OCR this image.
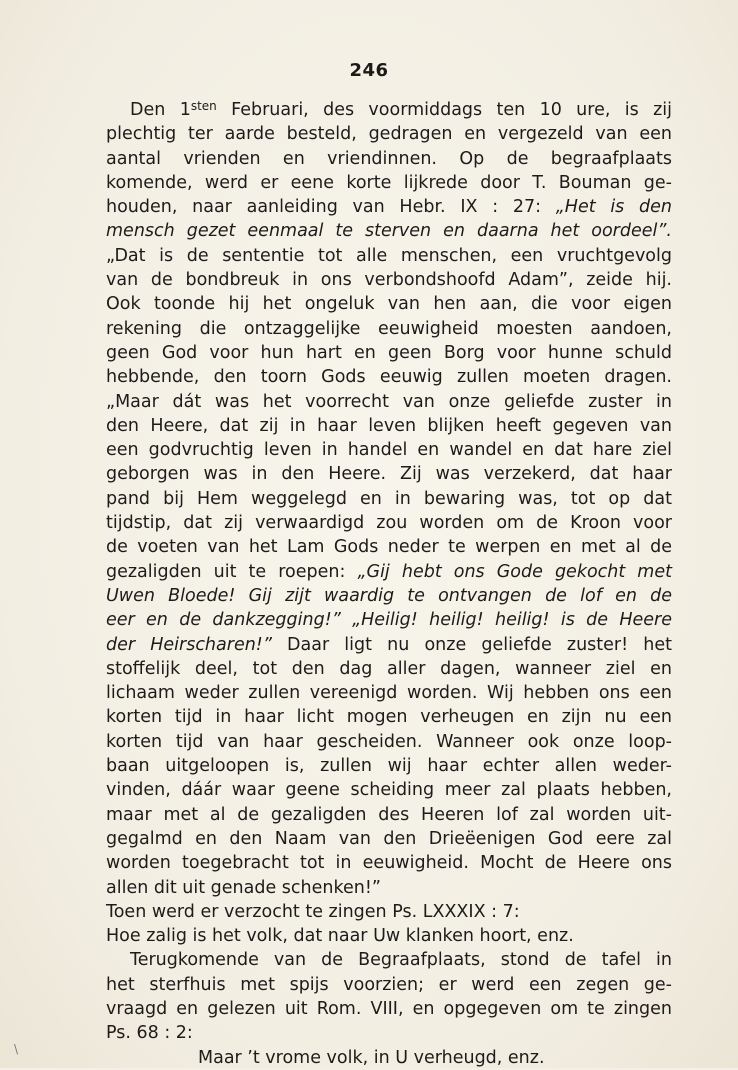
246
Den $1^{sten}$ Februari, des voormiddags ten 10 ure, is zij
plechtig ter aarde besteld, gedragen en vergezeld van een
aantal vrienden en vriendinnen. Op de begraafplaats
komende, werd er eene korte lijkrede door T. Bouman ge-
houden, naar aanleiding van Hebr. IX : 27: „Het is den
mensch gezet eenmaal te sterven en daarna het oordeel”.
„Dat is de sententie tot alle menschen, een vruchtgevolg
van de bondbreuk in ons verbondshoofd Adam”, zeide hij.
Ook toonde hij het ongeluk van hen aan, die voor eigen
rekening die ontzaggelijke eeuwigheid moesten aandoen,
geen God voor hun hart en geen Borg voor hunne schuld
hebbende, den toorn Gods eeuwig zullen moeten dragen.
„Maar dát was het voorrecht van onze geliefde zuster in
den Heere, dat zij in haar leven blijken heeft gegeven van
een godvruchtig leven in handel en wandel en dat hare ziel
geborgen was in den Heere. Zij was verzekerd, dat haar
pand bij Hem weggelegd en in bewaring was, tot op dat
tijdstip, dat zij verwaardigd zou worden om de Kroon voor
de voeten van het Lam Gods neder te werpen en met al de
gezaligden uit te roepen: „Gij hebt ons Gode gekocht met
Uwen Bloede! Gij zijt waardig te ontvangen de lof en de
eer en de dankzegging!” „Heilig! heilig! heilig! is de Heere
der Heirscharen!” Daar ligt nu onze geliefde zuster! het
stoffelijk deel, tot den dag aller dagen, wanneer ziel en
lichaam weder zullen vereenigd worden. Wij hebben ons een
korten tijd in haar licht mogen verheugen en zijn nu een
korten tijd van haar gescheiden. Wanneer ook onze loop-
baan uitgeloopen is, zullen wij haar echter allen weder-
vinden, dáár waar geene scheiding meer zal plaats hebben,
maar met al de gezaligden des Heeren lof zal worden uit-
gegalmd en den Naam van den Drieëenigen God eere zal
worden toegebracht tot in eeuwigheid. Mocht de Heere ons
allen dit uit genade schenken!”
Toen werd er verzocht te zingen Ps. LXXXIX : 7:
Hoe zalig is het volk, dat naar Uw klanken hoort, enz.
Terugkomende van de Begraafplaats, stond de tafel in
het sterfhuis met spijs voorzien; er werd een zegen ge-
vraagd en gelezen uit Rom. VIII, en opgegeven om te zingen
Ps. 68 : 2:
Maar ’t vrome volk, in U verheugd, enz.
\
